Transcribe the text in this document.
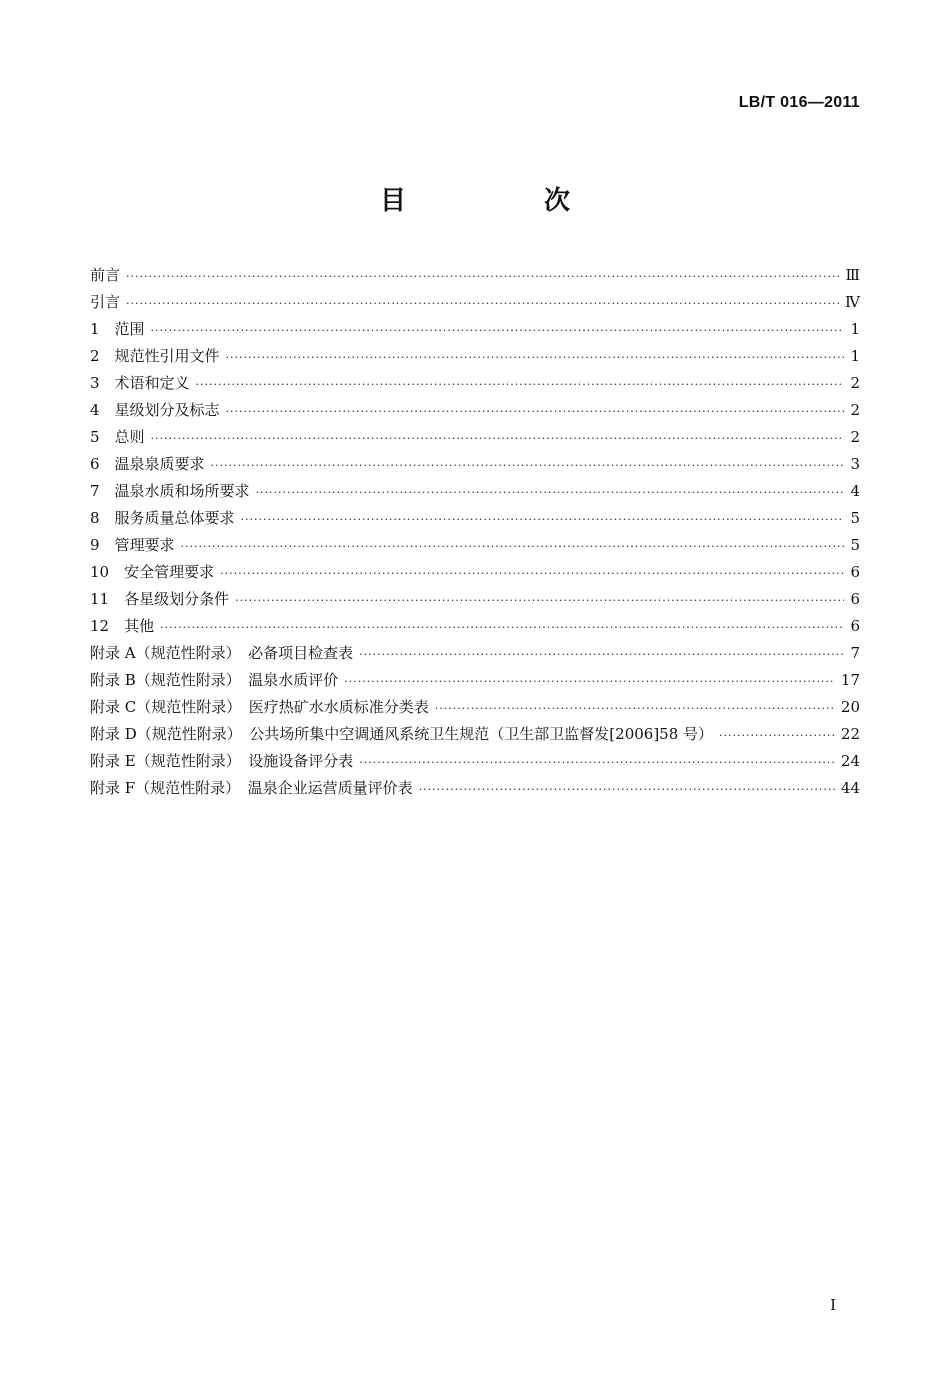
LB/T 016—2011
目　次
前言 ·····	Ⅲ
引言 ·····	Ⅳ
1　范围 ·····	1
2　规范性引用文件 ·····	1
3　术语和定义 ·····	2
4　星级划分及标志 ·····	2
5　总则 ·····	2
6　温泉泉质要求 ·····	3
7　温泉水质和场所要求 ·····	4
8　服务质量总体要求 ·····	5
9　管理要求 ·····	5
10　安全管理要求 ·····	6
11　各星级划分条件 ·····	6
12　其他 ·····	6
附录 A（规范性附录）　必备项目检查表 ·····	7
附录 B（规范性附录）　温泉水质评价 ·····	17
附录 C（规范性附录）　医疗热矿水水质标准分类表 ·····	20
附录 D（规范性附录）　公共场所集中空调通风系统卫生规范（卫生部卫监督发[2006]58 号） ·····	22
附录 E（规范性附录）　设施设备评分表 ·····	24
附录 F（规范性附录）　温泉企业运营质量评价表 ·····	44
I
